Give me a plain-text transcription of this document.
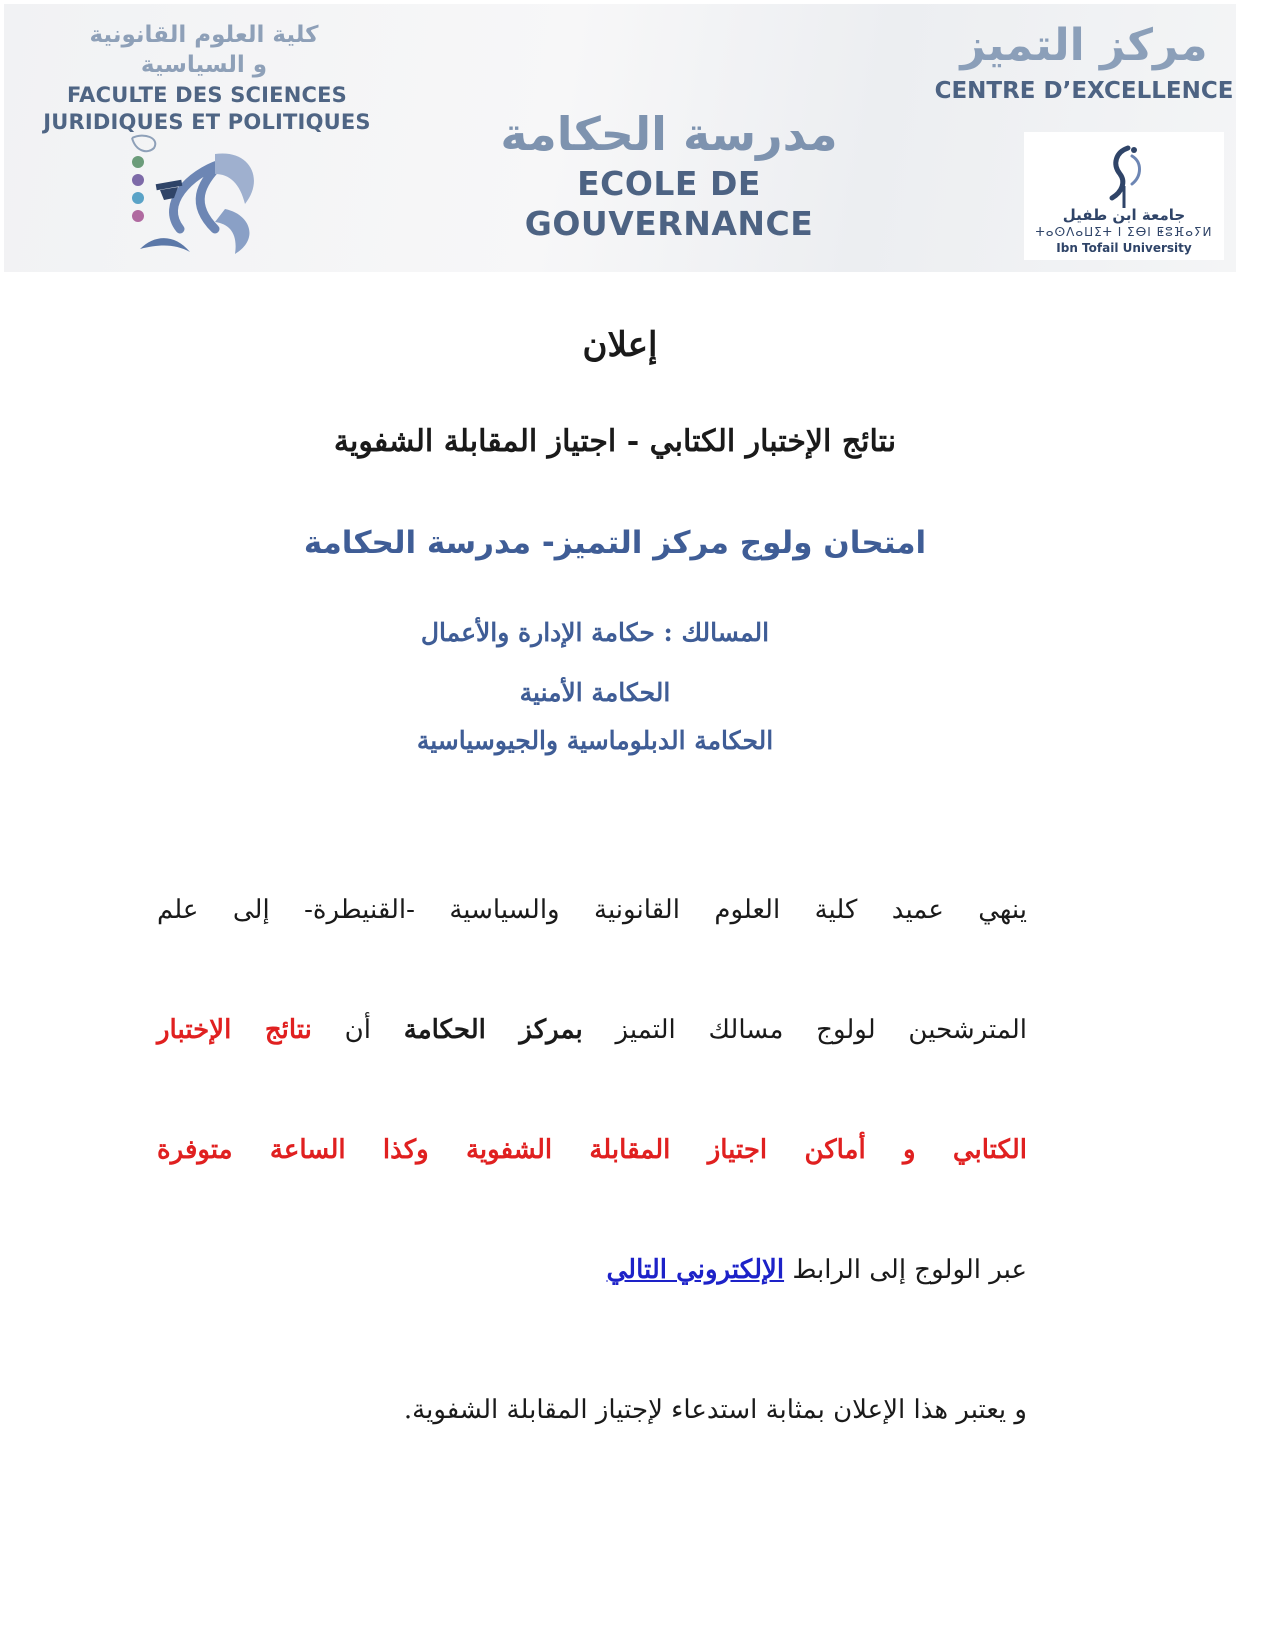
كلية العلوم القانونية
و السياسية
FACULTE DES SCIENCES
JURIDIQUES ET POLITIQUES	مدرسة الحكامة
ECOLE DE GOUVERNANCE
مركز التميز
CENTRE D’EXCELLENCE
جامعة ابن طفيل
ⵜⴰⵙⴷⴰⵡⵉⵜ ⵏ ⵉⴱⵏ ⵟⵓⴼⴰⵢⵍ
Ibn Tofail University
إعلان
نتائج الإختبار الكتابي - اجتياز المقابلة الشفوية
امتحان ولوج مركز التميز- مدرسة الحكامة
المسالك : حكامة الإدارة والأعمال
الحكامة الأمنية
الحكامة الدبلوماسية والجيوسياسية
ينهي عميد كلية العلوم القانونية والسياسية -القنيطرة- إلى علم
المترشحين لولوج مسالك التميز بمركز الحكامة أن نتائج الإختبار
الكتابي و أماكن اجتياز المقابلة الشفوية وكذا الساعة متوفرة
عبر الولوج إلى الرابط الإلكتروني التالي
و يعتبر هذا الإعلان بمثابة استدعاء لإجتياز المقابلة الشفوية.
